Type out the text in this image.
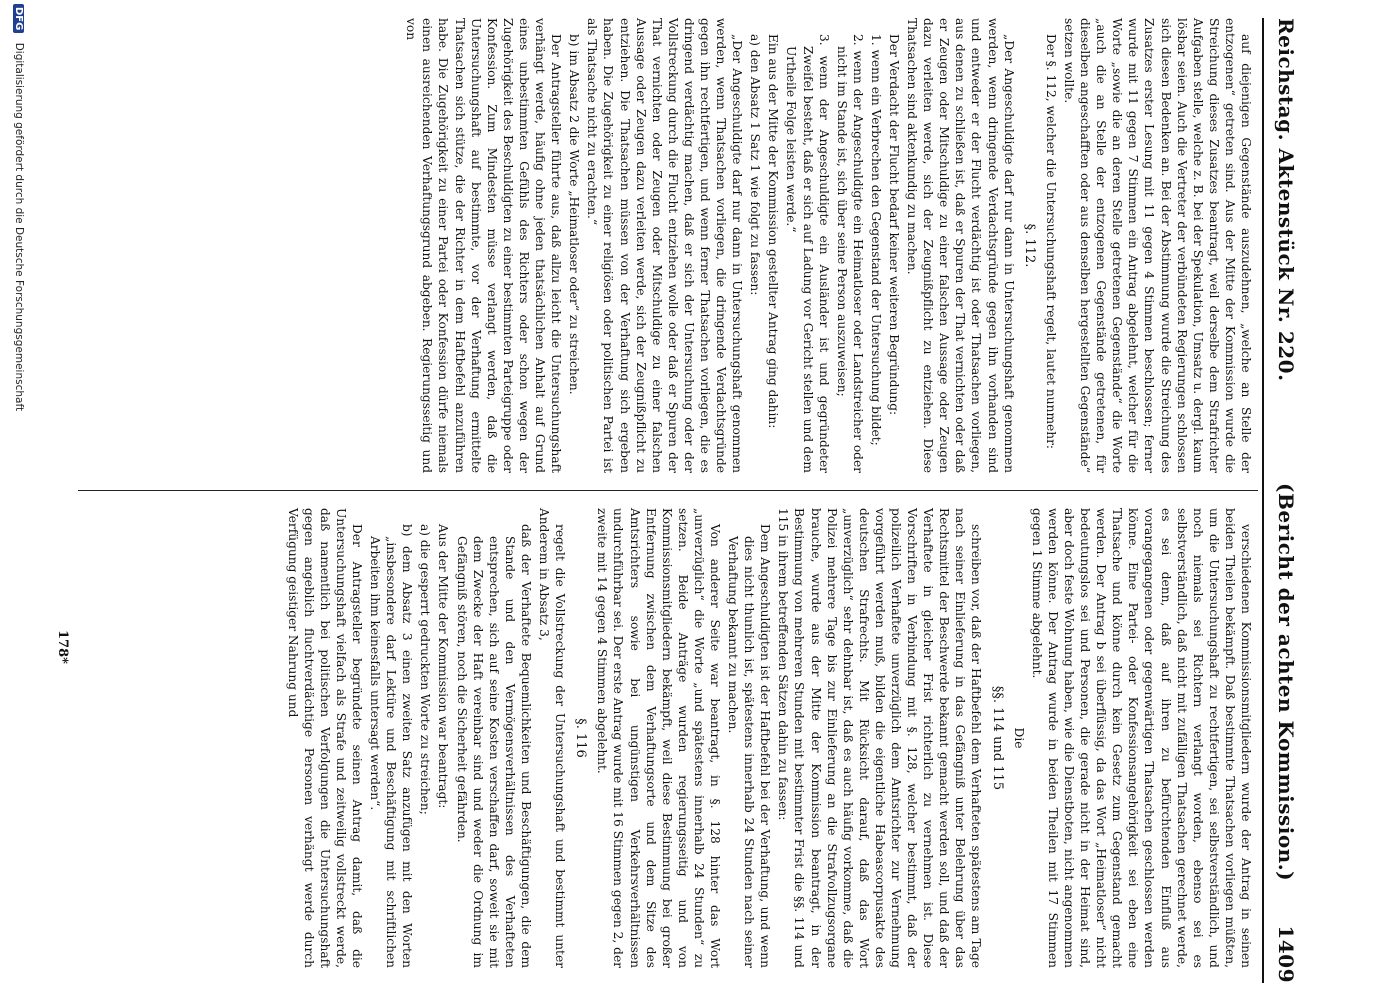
Reichstag. Aktenstück Nr. 220.
(Bericht der achten Kommission.)
1409

auf diejenigen Gegenstände auszudehnen, „welche an Stelle der entzogenen“ getreten sind. Aus der Mitte der Kommission wurde die Streichung dieses Zusatzes beantragt, weil derselbe dem Strafrichter Aufgaben stelle, welche z. B. bei der Spekulation, Umsatz u. dergl. kaum lösbar seien. Auch die Vertreter der verbündeten Regierungen schlossen sich diesen Bedenken an. Bei der Abstimmung wurde die Streichung des Zusatzes erster Lesung mit 11 gegen 4 Stimmen beschlossen; ferner wurde mit 11 gegen 7 Stimmen ein Antrag abgelehnt, welcher für die Worte „sowie die an deren Stelle getretenen Gegenstände“ die Worte „auch die an Stelle der entzogenen Gegenstände getretenen, für dieselben angeschafften oder aus denselben hergestellten Gegenstände“ setzen wollte.

Der §. 112, welcher die Untersuchungshaft regelt, lautet nunmehr:

§. 112.

„Der Angeschuldigte darf nur dann in Untersuchungshaft genommen werden, wenn dringende Verdachtsgründe gegen ihn vorhanden sind und entweder er der Flucht verdächtig ist oder Thatsachen vorliegen, aus denen zu schließen ist, daß er Spuren der That vernichten oder daß er Zeugen oder Mitschuldige zu einer falschen Aussage oder Zeugen dazu verleiten werde, sich der Zeugnißpflicht zu entziehen. Diese Thatsachen sind aktenkundig zu machen.

Der Verdacht der Flucht bedarf keiner weiteren Begründung:

1. wenn ein Verbrechen den Gegenstand der Untersuchung bildet;

2. wenn der Angeschuldigte ein Heimatloser oder Landstreicher oder nicht im Stande ist, sich über seine Person auszuweisen;

3. wenn der Angeschuldigte ein Ausländer ist und gegründeter Zweifel besteht, daß er sich auf Ladung vor Gericht stellen und dem Urtheile Folge leisten werde.“

Ein aus der Mitte der Kommission gestellter Antrag ging dahin:

a) den Absatz 1 Satz 1 wie folgt zu fassen:

„Der Angeschuldigte darf nur dann in Untersuchungshaft genommen werden, wenn Thatsachen vorliegen, die dringende Verdachtsgründe gegen ihn rechtfertigen, und wenn ferner Thatsachen vorliegen, die es dringend verdächtig machen, daß er sich der Untersuchung oder der Vollstreckung durch die Flucht entziehen wolle oder daß er Spuren der That vernichten oder Zeugen oder Mitschuldige zu einer falschen Aussage oder Zeugen dazu verleiten werde, sich der Zeugnißpflicht zu entziehen. Die Thatsachen müssen von der Verhaftung sich ergeben haben. Die Zugehörigkeit zu einer religiösen oder politischen Partei ist als Thatsache nicht zu erachten.“

b) im Absatz 2 die Worte „Heimatloser oder“ zu streichen.

Der Antragsteller führte aus, daß allzu leicht die Untersuchungshaft verhängt werde, häufig ohne jeden thatsächlichen Anhalt auf Grund eines unbestimmten Gefühls des Richters oder schon wegen der Zugehörigkeit des Beschuldigten zu einer bestimmten Parteigruppe oder Konfession. Zum Mindesten müsse verlangt werden, daß die Untersuchungshaft auf bestimmte, vor der Verhaftung ermittelte Thatsachen sich stütze, die der Richter in dem Haftbefehl anzuführen habe. Die Zugehörigkeit zu einer Partei oder Konfession dürfe niemals einen ausreichenden Verhaftungsgrund abgeben. Regierungsseitig und von

verschiedenen Kommissionsmitgliedern wurde der Antrag in seinen beiden Theilen bekämpft. Daß bestimmte Thatsachen vorliegen müßten, um die Untersuchungshaft zu rechtfertigen, sei selbstverständlich, und noch niemals sei Richtern verlangt worden, ebenso sei es selbstverständlich, daß nicht mit zufälligen Thatsachen gerechnet werde, es sei denn, daß auf ihren zu befürchtenden Einfluß aus vorangegangenen oder gegenwärtigen Thatsachen geschlossen werden könne. Eine Partei- oder Konfessionsangehörigkeit sei eben eine Thatsache und könne durch kein Gesetz zum Gegenstand gemacht werden. Der Antrag b sei überflüssig, da das Wort „Heimatloser“ nicht bedeutungslos sei und Personen, die gerade nicht in der Heimat sind, aber doch feste Wohnung haben, wie die Dienstboten, nicht angenommen werden könne. Der Antrag wurde in beiden Theilen mit 17 Stimmen gegen 1 Stimme abgelehnt.

Die

§§. 114 und 115

schreiben vor, daß der Haftbefehl dem Verhafteten spätestens am Tage nach seiner Einlieferung in das Gefängniß unter Belehrung über das Rechtsmittel der Beschwerde bekannt gemacht werden soll, und daß der Verhaftete in gleicher Frist richterlich zu vernehmen ist. Diese Vorschriften in Verbindung mit §. 128, welcher bestimmt, daß der polizeilich Verhaftete unverzüglich dem Amtsrichter zur Vernehmung vorgeführt werden muß, bilden die eigentliche Habeascorpusakte des deutschen Strafrechts. Mit Rücksicht darauf, daß das Wort „unverzüglich“ sehr dehnbar ist, daß es auch häufig vorkomme, daß die Polizei mehrere Tage bis zur Einlieferung an die Strafvollzugsorgane brauche, wurde aus der Mitte der Kommission beantragt, in der Bestimmung von mehreren Stunden mit bestimmter Frist die §§. 114 und 115 in ihrem betreffenden Sätzen dahin zu fassen:

Dem Angeschuldigten ist der Haftbefehl bei der Verhaftung, und wenn dies nicht thunlich ist, spätestens innerhalb 24 Stunden nach seiner Verhaftung bekannt zu machen.

Von anderer Seite war beantragt, in §. 128 hinter das Wort „unverzüglich“ die Worte „und spätestens innerhalb 24 Stunden“ zu setzen. Beide Anträge wurden regierungsseitig und von Kommissionsmitgliedern bekämpft, weil diese Bestimmung bei großer Entfernung zwischen dem Verhaftungsorte und dem Sitze des Amtsrichters sowie bei ungünstigen Verkehrsverhältnissen undurchführbar sei. Der erste Antrag wurde mit 16 Stimmen gegen 2, der zweite mit 14 gegen 4 Stimmen abgelehnt.

§. 116

regelt die Vollstreckung der Untersuchungshaft und bestimmt unter Anderem in Absatz 3,

daß der Verhaftete Bequemlichkeiten und Beschäftigungen, die dem Stande und den Vermögensverhältnissen des Verhafteten entsprechen, sich auf seine Kosten verschaffen darf, soweit sie mit dem Zwecke der Haft vereinbar sind und weder die Ordnung im Gefängniß stören, noch die Sicherheit gefährden.

Aus der Mitte der Kommission war beantragt:

a) die gesperrt gedruckten Worte zu streichen;

b) dem Absatz 3 einen zweiten Satz anzufügen mit den Worten „insbesondere darf Lektüre und Beschäftigung mit schriftlichen Arbeiten ihm keinesfalls untersagt werden“.

Der Antragsteller begründete seinen Antrag damit, daß die Untersuchungshaft vielfach als Strafe und zeitweilig vollstreckt werde, daß namentlich bei politischen Verfolgungen die Untersuchungshaft gegen angeblich fluchtverdächtige Personen verhängt werde durch Verfügung geistiger Nahrung und

178*
DFG Digitalisierung gefördert durch die Deutsche Forschungsgemeinschaft
